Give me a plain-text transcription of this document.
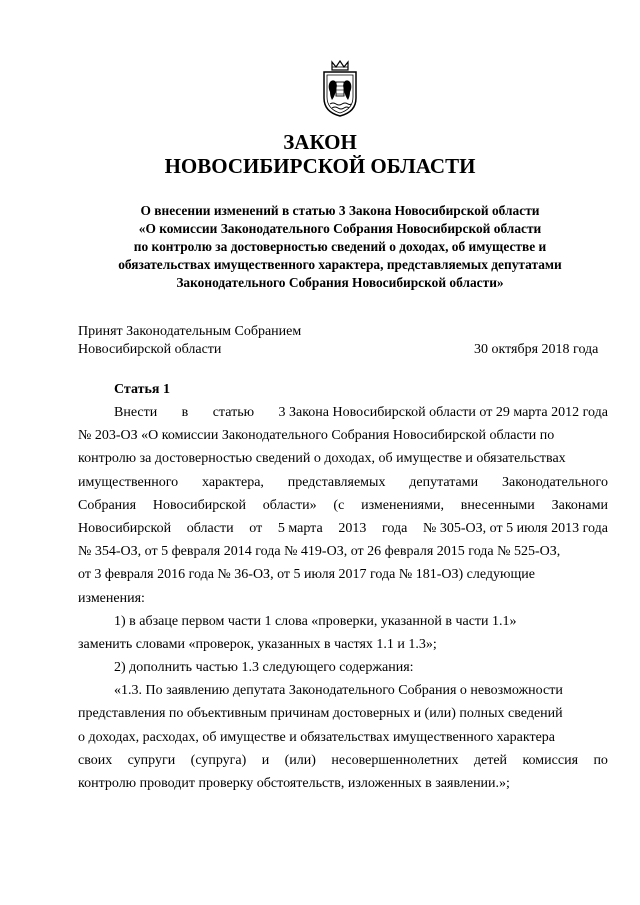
ЗАКОН
НОВОСИБИРСКОЙ ОБЛАСТИ
О внесении изменений в статью 3 Закона Новосибирской области
«О комиссии Законодательного Собрания Новосибирской области
по контролю за достоверностью сведений о доходах, об имуществе и
обязательствах имущественного характера, представляемых депутатами
Законодательного Собрания Новосибирской области»
Принят Законодательным Собранием
Новосибирской области	30 октября 2018 года
Статья 1
Внести в статью 3 Закона Новосибирской области от 29 марта 2012 года
№ 203-ОЗ «О комиссии Законодательного Собрания Новосибирской области по
контролю за достоверностью сведений о доходах, об имуществе и обязательствах
имущественного характера, представляемых депутатами Законодательного
Собрания Новосибирской области» (с изменениями, внесенными Законами
Новосибирской области от 5 марта 2013 года № 305-ОЗ, от 5 июля 2013 года
№ 354-ОЗ, от 5 февраля 2014 года № 419-ОЗ, от 26 февраля 2015 года № 525-ОЗ,
от 3 февраля 2016 года № 36-ОЗ, от 5 июля 2017 года № 181-ОЗ) следующие
изменения:
1) в абзаце первом части 1 слова «проверки, указанной в части 1.1»
заменить словами «проверок, указанных в частях 1.1 и 1.3»;
2) дополнить частью 1.3 следующего содержания:
«1.3. По заявлению депутата Законодательного Собрания о невозможности
представления по объективным причинам достоверных и (или) полных сведений
о доходах, расходах, об имуществе и обязательствах имущественного характера
своих супруги (супруга) и (или) несовершеннолетних детей комиссия по
контролю проводит проверку обстоятельств, изложенных в заявлении.»;
